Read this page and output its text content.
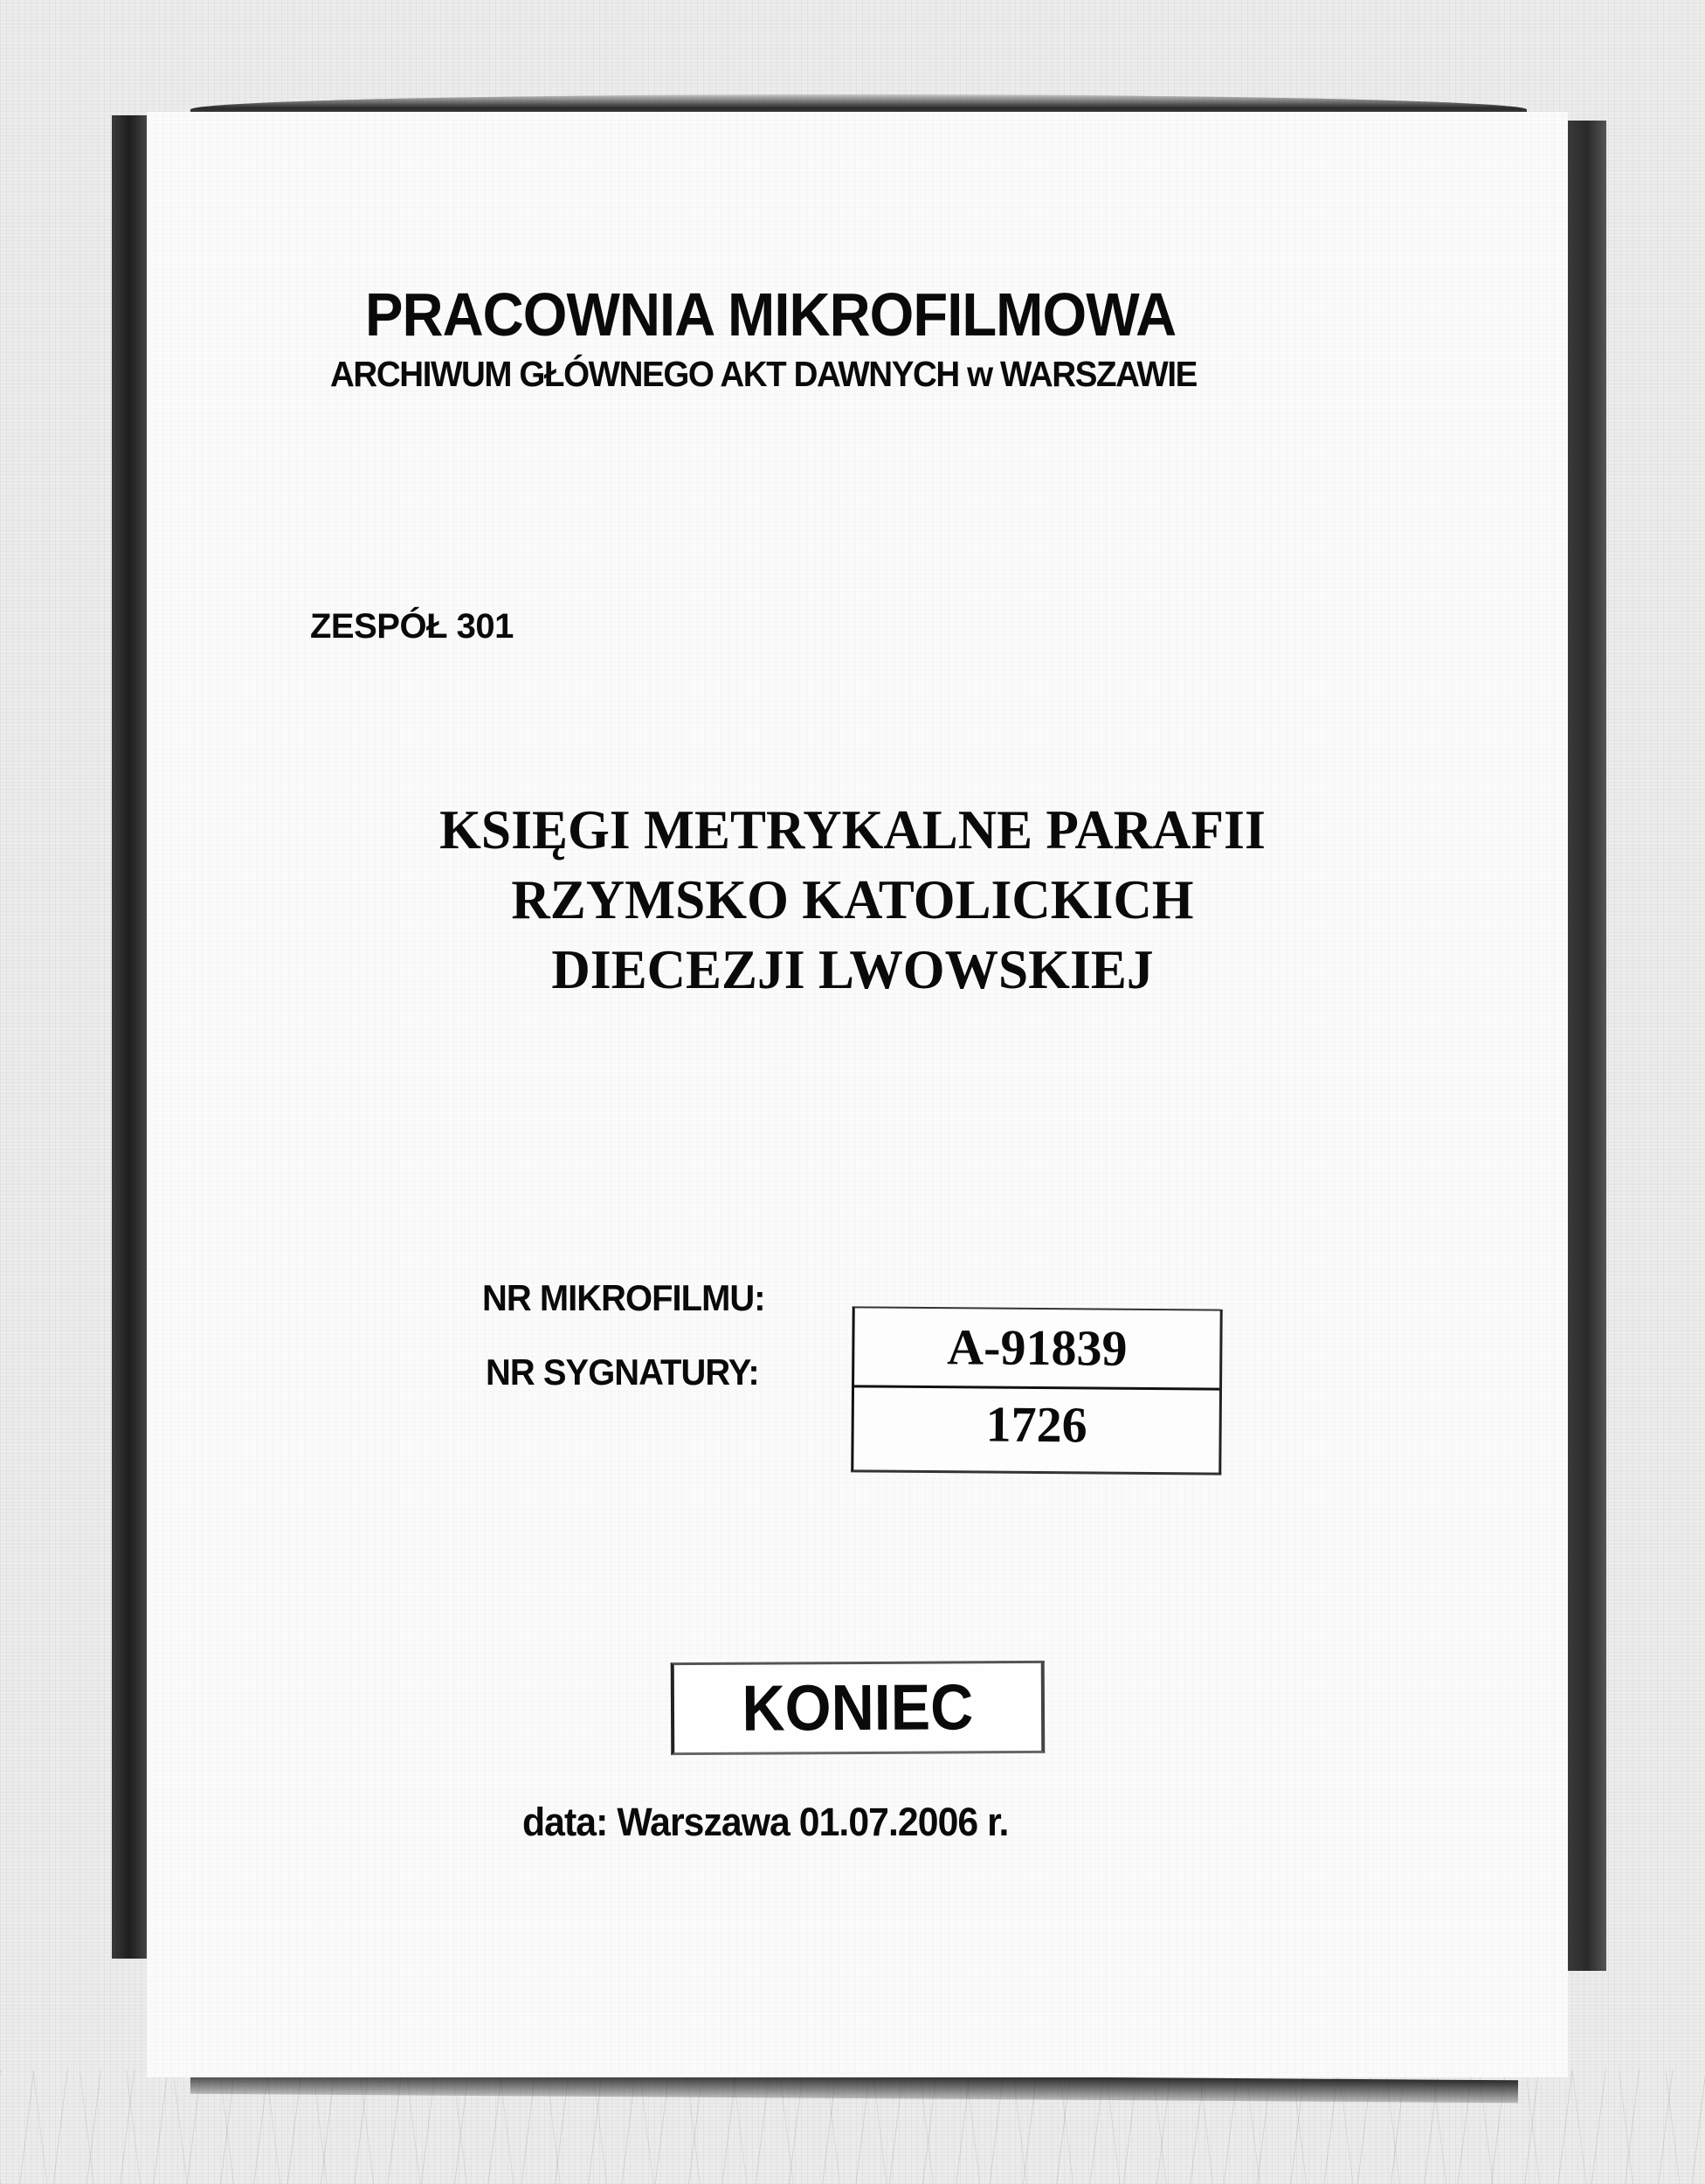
PRACOWNIA MIKROFILMOWA
ARCHIWUM GŁÓWNEGO AKT DAWNYCH w WARSZAWIE
ZESPÓŁ 301
KSIĘGI METRYKALNE PARAFII
RZYMSKO KATOLICKICH
DIECEZJI LWOWSKIEJ
NR MIKROFILMU:
NR SYGNATURY:	A-91839
1726
KONIEC
data: Warszawa 01.07.2006 r.
